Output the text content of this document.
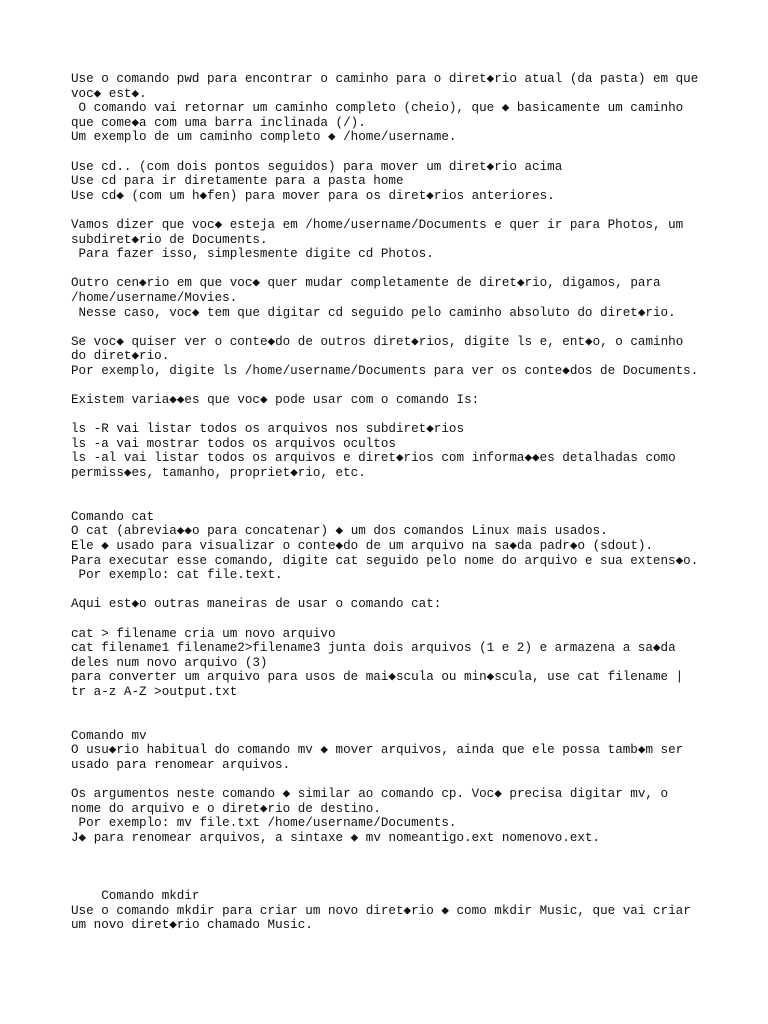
Use o comando pwd para encontrar o caminho para o diret◆rio atual (da pasta) em que
voc◆ est◆.
O comando vai retornar um caminho completo (cheio), que ◆ basicamente um caminho
que come◆a com uma barra inclinada (/).
Um exemplo de um caminho completo ◆ /home/username.
Use cd.. (com dois pontos seguidos) para mover um diret◆rio acima
Use cd para ir diretamente para a pasta home
Use cd◆ (com um h◆fen) para mover para os diret◆rios anteriores.
Vamos dizer que voc◆ esteja em /home/username/Documents e quer ir para Photos, um
subdiret◆rio de Documents.
Para fazer isso, simplesmente digite cd Photos.
Outro cen◆rio em que voc◆ quer mudar completamente de diret◆rio, digamos, para
/home/username/Movies.
Nesse caso, voc◆ tem que digitar cd seguido pelo caminho absoluto do diret◆rio.
Se voc◆ quiser ver o conte◆do de outros diret◆rios, digite ls e, ent◆o, o caminho
do diret◆rio.
Por exemplo, digite ls /home/username/Documents para ver os conte◆dos de Documents.
Existem varia◆◆es que voc◆ pode usar com o comando Is:
ls -R vai listar todos os arquivos nos subdiret◆rios
ls -a vai mostrar todos os arquivos ocultos
ls -al vai listar todos os arquivos e diret◆rios com informa◆◆es detalhadas como
permiss◆es, tamanho, propriet◆rio, etc.
Comando cat
O cat (abrevia◆◆o para concatenar) ◆ um dos comandos Linux mais usados.
Ele ◆ usado para visualizar o conte◆do de um arquivo na sa◆da padr◆o (sdout).
Para executar esse comando, digite cat seguido pelo nome do arquivo e sua extens◆o.
Por exemplo: cat file.text.
Aqui est◆o outras maneiras de usar o comando cat:
cat > filename cria um novo arquivo
cat filename1 filename2>filename3 junta dois arquivos (1 e 2) e armazena a sa◆da
deles num novo arquivo (3)
para converter um arquivo para usos de mai◆scula ou min◆scula, use cat filename |
tr a-z A-Z >output.txt
Comando mv
O usu◆rio habitual do comando mv ◆ mover arquivos, ainda que ele possa tamb◆m ser
usado para renomear arquivos.
Os argumentos neste comando ◆ similar ao comando cp. Voc◆ precisa digitar mv, o
nome do arquivo e o diret◆rio de destino.
Por exemplo: mv file.txt /home/username/Documents.
J◆ para renomear arquivos, a sintaxe ◆ mv nomeantigo.ext nomenovo.ext.
Comando mkdir
Use o comando mkdir para criar um novo diret◆rio ◆ como mkdir Music, que vai criar
um novo diret◆rio chamado Music.
